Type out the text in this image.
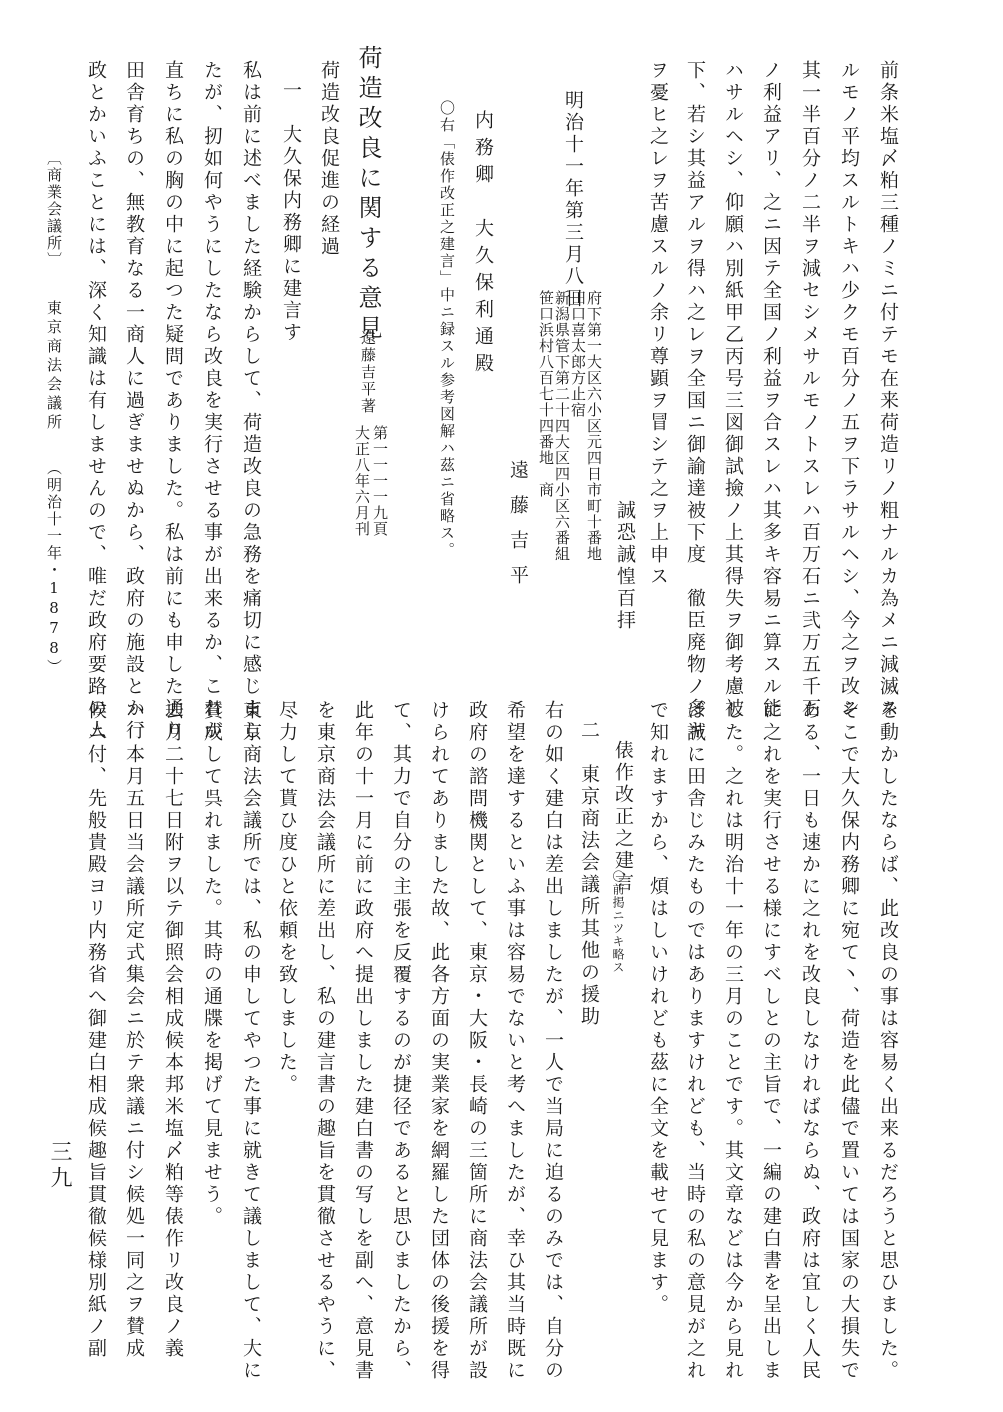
前条米塩〆粕三種ノミニ付テモ在来荷造リノ粗ナルカ為メニ減滅ス
ルモノ平均スルトキハ少クモ百分ノ五ヲ下ラサルヘシ、今之ヲ改シ
其一半百分ノ二半ヲ減セシメサルモノトスレハ百万石ニ弐万五千石
ノ利益アリ、之ニ因テ全国ノ利益ヲ合スレハ其多キ容易ニ算スル能
ハサルヘシ、仰願ハ別紙甲乙丙号三図御試撿ノ上其得失ヲ御考慮被
下、若シ其益アルヲ得ハ之レヲ全国ニ御諭達被下度　徹臣廃物ノ多キ
ヲ憂ヒ之レヲ苦慮スルノ余リ尊顕ヲ冒シテ之ヲ上申ス
誠恐誠惶百拝
府下第一大区六小区元四日市町十番地
田口喜太郎方止宿
新潟県管下第二十四大区四小区六番組
笹口浜村八百七十四番地　商
遠藤吉平
明治十一年第三月八日
内務卿　大久保利通殿
〇右「俵作改正之建言」中ニ録スル参考図解ハ茲ニ省略ス。
荷造改良に関する意見
遠藤吉平著
第一一一一九頁
大正八年六月刊
荷造改良促進の経過
一　大久保内務卿に建言す
私は前に述べました経験からして、荷造改良の急務を痛切に感じまし
たが、扨如何やうにしたなら改良を実行させる事が出来るか、これが
直ちに私の胸の中に起つた疑問でありました。私は前にも申した通り
田舎育ちの、無教育なる一商人に過ぎませぬから、政府の施設とか行
政とかいふことには、深く知識は有しませんので、唯だ政府要路の人
〔商業会議所〕
東京商法会議所
（明治十一年・1878）
を動かしたならば、此改良の事は容易く出来るだろうと思ひました。
そこで大久保内務卿に宛て丶、荷造を此儘で置いては国家の大損失で
ある、一日も速かに之れを改良しなければならぬ、政府は宜しく人民
に之れを実行させる様にすべしとの主旨で、一編の建白書を呈出しま
した。之れは明治十一年の三月のことです。其文章などは今から見れ
ば誠に田舎じみたものではありますけれども、当時の私の意見が之れ
で知れますから、煩はしいけれども茲に全文を載せて見ます。
俵作改正之建言
〇前掲ニツキ略ス
二　東京商法会議所其他の援助
右の如く建白は差出しましたが、一人で当局に迫るのみでは、自分の
希望を達するといふ事は容易でないと考へましたが、幸ひ其当時既に
政府の諮問機関として、東京・大阪・長崎の三箇所に商法会議所が設
けられてありました故、此各方面の実業家を網羅した団体の後援を得
て、其力で自分の主張を反覆するのが捷径であると思ひましたから、
此年の十一月に前に政府へ提出しました建白書の写しを副へ、意見書
を東京商法会議所に差出し、私の建言書の趣旨を貫徹させるやうに、
尽力して貰ひ度ひと依頼を致しました。
東京商法会議所では、私の申してやつた事に就きて議しまして、大に
賛成して呉れました。其時の通牒を掲げて見ませう。
去月二十七日附ヲ以テ御照会相成候本邦米塩〆粕等俵作リ改良ノ義
ハ、本月五日当会議所定式集会ニ於テ衆議ニ付シ候処一同之ヲ賛成
候ニ付、先般貴殿ヨリ内務省へ御建白相成候趣旨貫徹候様別紙ノ副
三九
